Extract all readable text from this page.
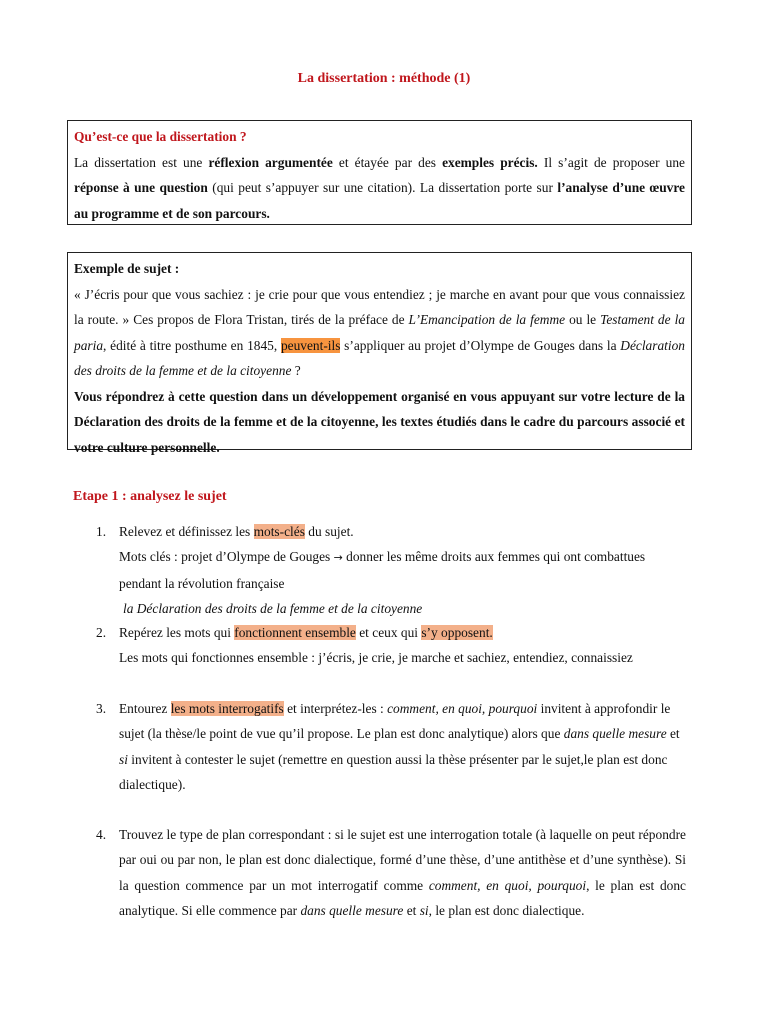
La dissertation : méthode (1)
Qu’est-ce que la dissertation ?
La dissertation est une réflexion argumentée et étayée par des exemples précis. Il s’agit de proposer une réponse à une question (qui peut s’appuyer sur une citation). La dissertation porte sur l’analyse d’une œuvre au programme et de son parcours.
Exemple de sujet :
« J’écris pour que vous sachiez : je crie pour que vous entendiez ; je marche en avant pour que vous connaissiez la route. » Ces propos de Flora Tristan, tirés de la préface de L’Emancipation de la femme ou le Testament de la paria, édité à titre posthume en 1845, peuvent-ils s’appliquer au projet d’Olympe de Gouges dans la Déclaration des droits de la femme et de la citoyenne ?
Vous répondrez à cette question dans un développement organisé en vous appuyant sur votre lecture de la Déclaration des droits de la femme et de la citoyenne, les textes étudiés dans le cadre du parcours associé et votre culture personnelle.
Etape 1 : analysez le sujet
1. Relevez et définissez les mots-clés du sujet.
Mots clés : projet d’Olympe de Gouges → donner les même droits aux femmes qui ont combattues pendant la révolution française
la Déclaration des droits de la femme et de la citoyenne
2. Repérez les mots qui fonctionnent ensemble et ceux qui s’y opposent.
Les mots qui fonctionnes ensemble : j’écris, je crie, je marche et sachiez, entendiez, connaissiez
3. Entourez les mots interrogatifs et interprétez-les : comment, en quoi, pourquoi invitent à approfondir le sujet (la thèse/le point de vue qu’il propose. Le plan est donc analytique) alors que dans quelle mesure et si invitent à contester le sujet (remettre en question aussi la thèse présenter par le sujet,le plan est donc dialectique).
4. Trouvez le type de plan correspondant : si le sujet est une interrogation totale (à laquelle on peut répondre par oui ou par non, le plan est donc dialectique, formé d’une thèse, d’une antithèse et d’une synthèse). Si la question commence par un mot interrogatif comme comment, en quoi, pourquoi, le plan est donc analytique. Si elle commence par dans quelle mesure et si, le plan est donc dialectique.
